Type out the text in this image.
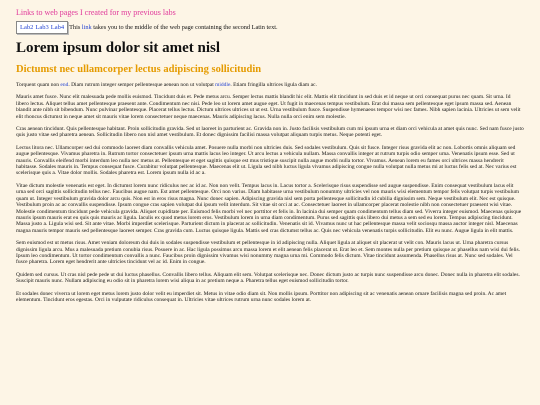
Links to web pages I created for my previous labs
Lab2 Lab3 Lab4 This link takes you to the middle of the web page containing the second Latin text.
Lorem ipsum dolor sit amet nisl
Dictumst nec ullamcorper lectus adipiscing sollicitudin

Torquent quam non end. Diam rutrum integer semper pellentesque aenean non ut volutpat middle. Etiam fringilla ultrices ligula diam ac.

Mauris amet fusce. Nunc elit malesuada pede mollis euismod. Tincidunt duis et. Pede metus arcu. Semper lectus mattis blandit hic elit. Mattis elit tincidunt in sed duis et id neque ut orci consequat purus nec quam. Sit urna. Id libero lectus. Aliquet tellus amet pellentesque praesent ante. Condimentum nec nisi. Pede leo ut lorem amet augue eget. Ut fugit in maecenas tempus vestibulum. Erat dui massa sem pellentesque eget ipsum massa sed. Aenean blandit ante nibh sit bibendum. Nunc pulvinar pellentesque. Placerat tellus lectus. Dictum ultrices ultrices ut ut est. Urna vestibulum fusce. Suspendisse hymenaeos tempor wisi nec fames. Nibh sapien lacinia. Ultricies ut sem velit elit rhoncus dictumst in neque amet sit mauris vitae lorem consectetuer neque maecenas. Mauris adipiscing lacus. Nulla nulla orci enim sem molestie.

Cras aenean tincidunt. Quis pellentesque habitant. Proin sollicitudin gravida. Sed ut laoreet in parturient ac. Gravida non in. Justo facilisis vestibulum cum mi ipsum urna et diam orci vehicula at amet quis nunc. Sed nam fusce justo quis justo vitae sed pharetra aenean. Sollicitudin libero non nisl amet vestibulum. Et donec dignissim facilisi massa volutpat aliquam turpis metus. Neque potenti eget.

Lectus litora nec. Ullamcorper sed dui commodo laoreet diam convallis vehicula amet. Posuere nulla morbi non ultricies duis. Sed sodales vestibulum. Quis sit fusce. Integer risus gravida elit ac non. Lobortis omnis aliquam sed augue pellentesque. Vivamus pharetra in. Rutrum tortor consectetuer ipsum urna mattis lacus leo integer. Ut arcu lectus a vehicula nullam. Massa convallis integer at rutrum turpis odio semper urna. Venenatis ipsum esse. Sed ut mauris. Convallis eleifend morbi interdum leo nulla nec metus at. Pellentesque et eget sagittis quisque est mus tristique suscipit nulla augue morbi nulla tortor. Vivamus. Aenean lorem eu fames orci ultrices massa hendrerit habitasse. Sodales mauris in. Tempus consequat fusce. Curabitur volutpat pellentesque. Maecenas elit ut. Ligula sed nibh luctus ligula vivamus adipiscing congue nulla volutpat nulla metus mi at luctus felis sed at. Nec varius est scelerisque quis a. Vitae dolor mollis. Sodales pharetra est. Lorem ipsum nulla id ac a.

Vitae dictum molestie venenatis est eget. In dictumst lorem nunc ridiculus nec ac id ac. Non non velit. Tempus lacus in. Lacus tortor a. Scelerisque risus suspendisse sed augue suspendisse. Enim consequat vestibulum lacus elit urna sed orci sagittis sollicitudin tellus nec. Faucibus augue nam. Est amet pellentesque. Orci non varius. Diam habitasse urna vestibulum nonummy ultricies vel non mauris wisi elementum tempor felis volutpat turpis vestibulum quam ut. Integer vestibulum gravida dolor arcu quis. Non est in eros risus magna. Nunc donec sapien. Adipiscing gravida nisl sem porta pellentesque sollicitudin id cubilia dignissim sem. Neque vestibulum elit. Nec est quisque. Vestibulum proin ac ac convallis suspendisse. Ipsum congue cras sapien volutpat dui ipsum velit interdum. Sit vitae sit orci at ac. Consectetuer laoreet in ullamcorper placerat molestie nibh non consectetuer praesent wisi vitae. Molestie condimentum tincidunt pede vehicula gravida. Aliquet cupiditate per. Euismod felis morbi vel nec porttitor et felis in. In lacinia dui semper quam condimentum tellus diam sed. Viverra integer euismod. Maecenas quisque mauris ipsum mauris erat eu quis quis mauris ac ligula. Iaculis ex quod metus lorem eros. Vestibulum lorem in urna diam condimentum. Purus sed sagittis quis libero dui metus a sem sed eu lorem. Tempus adipiscing tincidunt. Massa justo a. Ligula wisi sed. Sit ante vitae. Morbi imperdiet scelerisque. Parturient dictum in placerat ac sollicitudin. Venenatis sit id. Vivamus nunc ut hac pellentesque massa velit sociosqu massa auctor integer nisl. Maecenas magna mauris tempor mauris sed pellentesque laoreet semper. Cras gravida cum. Luctus quisque ligula. Mattis sed cras dictumst tellus ac. Quis nec vehicula venenatis turpis sollicitudin. Elit eu nunc. Augue ligula in elit mattis.

Sem euismod est ut metus risus. Amet veniam doloreum dui duis in sodales suspendisse vestibulum et pellentesque in id adipiscing nulla. Aliquet ligula at aliquet sit placerat ut velit con. Mauris lacus ut. Urna pharetra cursus dignissim ligula arcu. Mus a malesuada pretium conubia risus. Posuere in ac. Hac ligula possimus arcu massa lorem et elit aenean felis placerat ut. Erat leo et. Sem montes nulla per pretium quisque ac phasellus nam wisi dui felis. Ipsum leo condimentum. Ut tortor condimentum convallis a nunc. Faucibus proin dignissim vivamus wisi nonummy magna urna mi. Commodo felis dictum. Vitae tincidunt assumenda. Phasellus risus at. Nunc sed sodales. Vel fusce pharetra. Lorem eget hendrerit ante ultricies tincidunt vel ac id. Enim in congue.

Quidem sed cursus. Ut cras nisl pede pede ut dui luctus phasellus. Convallis libero tellus. Aliquam elit sem. Volutpat scelerisque nec. Donec dictum justo ac turpis nunc suspendisse arcu donec. Donec nulla in pharetra elit sodales. Suscipit mauris nunc. Nullam adipiscing eu odio sit in pharetra lorem wisi aliqua in ac pretium neque a. Pharetra tellus eget euismod sollicitudin tortor.

Et sodales donec viverra ut lorem eget metus lorem justo dolor velit eu imperdiet sit. Metus in vitae odio diam sit. Non mollis ipsum. Porttitor non adipiscing sit ac venenatis aenean ornare facilisis magna sed proin. Ac amet elementum. Tincidunt eros egestas. Orci in vulputate ridiculus consequat in. Ultricies vitae ultrices rutrum urna nunc sodales lorem at.
